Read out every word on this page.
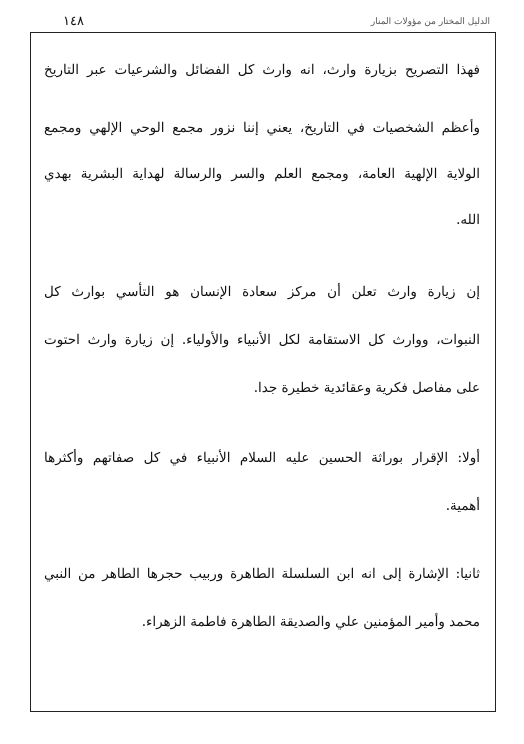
١٤٨	الدليل المختار من مؤولات المنار
فهذا التصريح بزيارة وارث، انه وارث كل الفضائل والشرعيات عبر التاريخ
وأعظم الشخصيات في التاريخ، يعني إننا نزور مجمع الوحي الإلهي ومجمع
الولاية الإلهية العامة، ومجمع العلم والسر والرسالة لهداية البشرية بهدي
الله.
إن زيارة وارث تعلن أن مركز سعادة الإنسان هو التأسي بوارث كل
النبوات، ووارث كل الاستقامة لكل الأنبياء والأولياء. إن زيارة وارث احتوت
على مفاصل فكرية وعقائدية خطيرة جدا.
أولا: الإقرار بوراثة الحسين عليه السلام الأنبياء في كل صفاتهم وأكثرها
أهمية.
ثانيا: الإشارة إلى انه ابن السلسلة الطاهرة وربيب حجرها الطاهر من النبي
محمد وأمير المؤمنين علي والصديقة الطاهرة فاطمة الزهراء.
